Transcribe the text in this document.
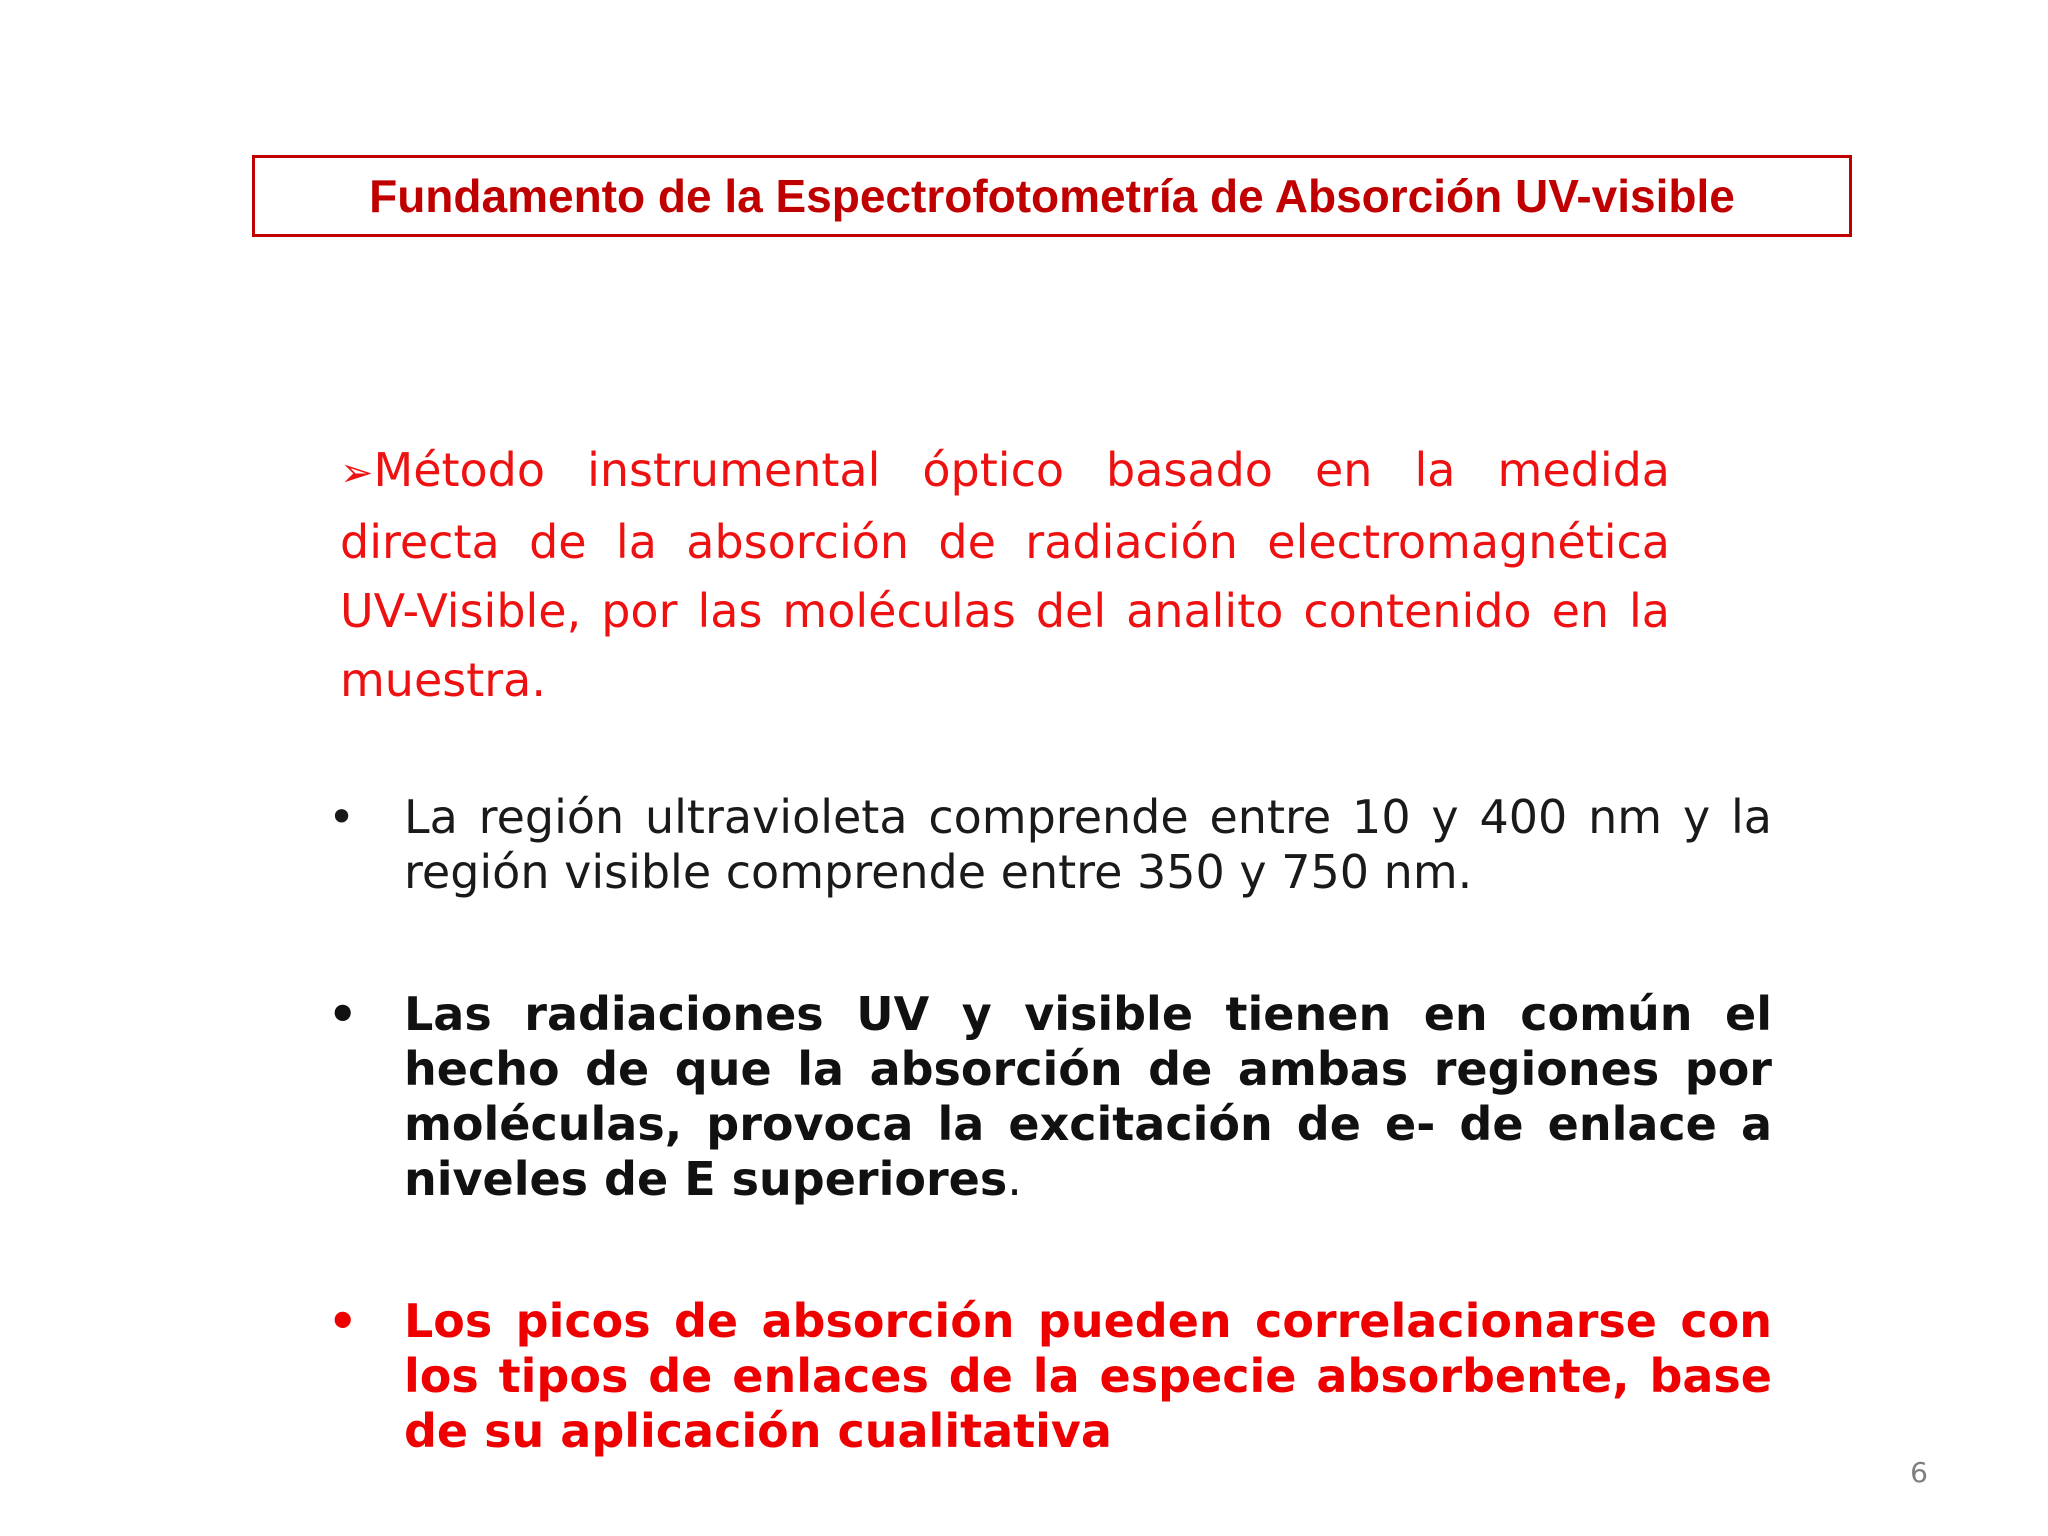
Fundamento de la Espectrofotometría de Absorción UV-visible
➢Método instrumental óptico basado en la medida directa de la absorción de radiación electromagnética UV-Visible, por las moléculas del analito contenido en la muestra.
• La región ultravioleta comprende entre 10 y 400 nm y la región visible comprende entre 350 y 750 nm.
• Las radiaciones UV y visible tienen en común el hecho de que la absorción de ambas regiones por moléculas, provoca la excitación de e- de enlace a niveles de E superiores.
• Los picos de absorción pueden correlacionarse con los tipos de enlaces de la especie absorbente, base de su aplicación cualitativa
6
